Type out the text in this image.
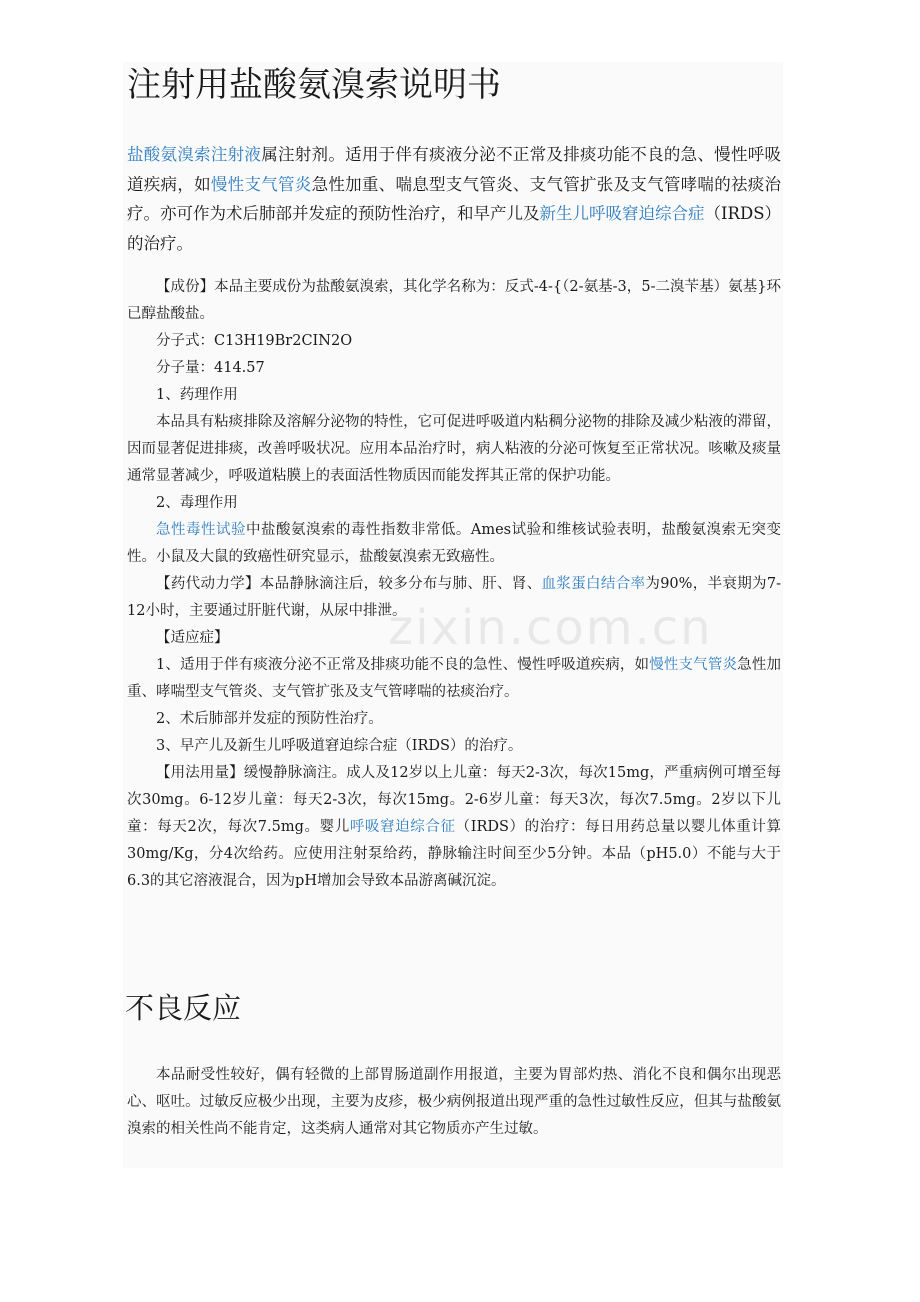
注射用盐酸氨溴索说明书

盐酸氨溴索注射液属注射剂。适用于伴有痰液分泌不正常及排痰功能不良的急、慢性呼吸道疾病，如慢性支气管炎急性加重、喘息型支气管炎、支气管扩张及支气管哮喘的祛痰治疗。亦可作为术后肺部并发症的预防性治疗，和早产儿及新生儿呼吸窘迫综合症（IRDS）的治疗。

【成份】本品主要成份为盐酸氨溴索，其化学名称为：反式-4-{（2-氨基-3，5-二溴苄基）氨基}环已醇盐酸盐。

分子式：C13H19Br2CIN2O

分子量：414.57

1、药理作用

本品具有粘痰排除及溶解分泌物的特性，它可促进呼吸道内粘稠分泌物的排除及减少粘液的滞留，因而显著促进排痰，改善呼吸状况。应用本品治疗时，病人粘液的分泌可恢复至正常状况。咳嗽及痰量通常显著减少，呼吸道粘膜上的表面活性物质因而能发挥其正常的保护功能。

2、毒理作用

急性毒性试验中盐酸氨溴索的毒性指数非常低。Ames试验和维核试验表明，盐酸氨溴索无突变性。小鼠及大鼠的致癌性研究显示，盐酸氨溴索无致癌性。

【药代动力学】本品静脉滴注后，较多分布与肺、肝、肾、血浆蛋白结合率为90%，半衰期为7-12小时，主要通过肝脏代谢，从尿中排泄。

【适应症】

1、适用于伴有痰液分泌不正常及排痰功能不良的急性、慢性呼吸道疾病，如慢性支气管炎急性加重、哮喘型支气管炎、支气管扩张及支气管哮喘的祛痰治疗。

2、术后肺部并发症的预防性治疗。

3、早产儿及新生儿呼吸道窘迫综合症（IRDS）的治疗。

【用法用量】缓慢静脉滴注。成人及12岁以上儿童：每天2-3次，每次15mg，严重病例可增至每次30mg。6-12岁儿童：每天2-3次，每次15mg。2-6岁儿童：每天3次，每次7.5mg。2岁以下儿童：每天2次，每次7.5mg。婴儿呼吸窘迫综合征（IRDS）的治疗：每日用药总量以婴儿体重计算30mg/Kg，分4次给药。应使用注射泵给药，静脉输注时间至少5分钟。本品（pH5.0）不能与大于6.3的其它溶液混合，因为pH增加会导致本品游离碱沉淀。

不良反应

本品耐受性较好，偶有轻微的上部胃肠道副作用报道，主要为胃部灼热、消化不良和偶尔出现恶心、呕吐。过敏反应极少出现，主要为皮疹，极少病例报道出现严重的急性过敏性反应，但其与盐酸氨溴索的相关性尚不能肯定，这类病人通常对其它物质亦产生过敏。
